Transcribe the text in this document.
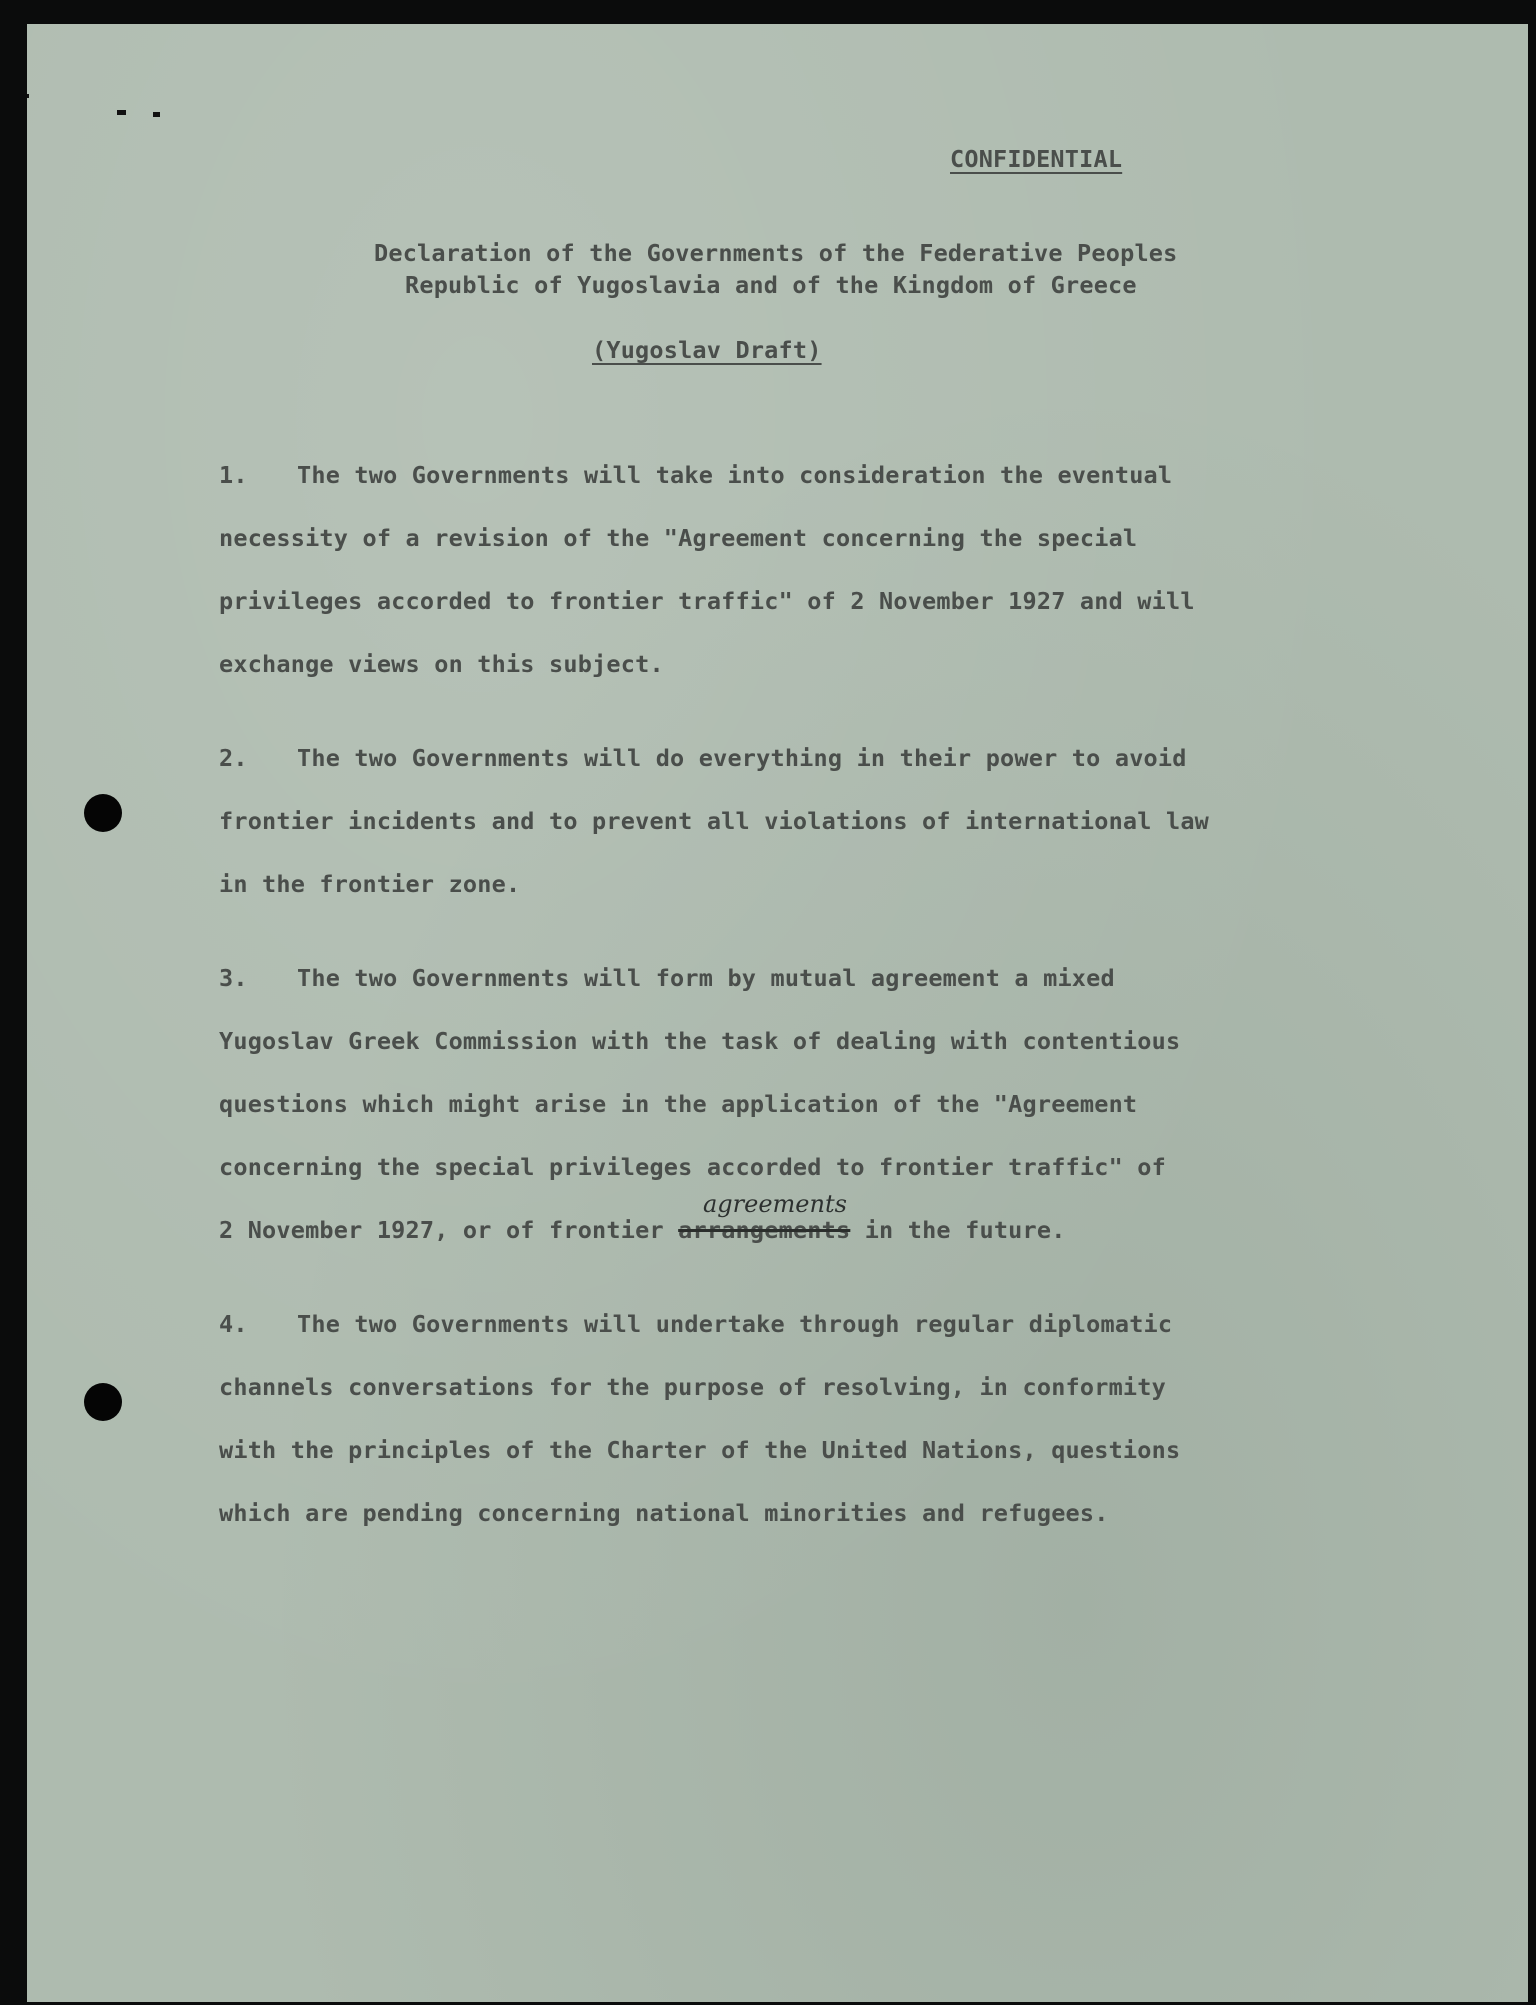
CONFIDENTIAL

Declaration of the Governments of the Federative Peoples

Republic of Yugoslavia and of the Kingdom of Greece

(Yugoslav Draft)

1. The two Governments will take into consideration the eventual

necessity of a revision of the "Agreement concerning the special

privileges accorded to frontier traffic" of 2 November 1927 and will

exchange views on this subject.

2. The two Governments will do everything in their power to avoid

frontier incidents and to prevent all violations of international law

in the frontier zone.

3. The two Governments will form by mutual agreement a mixed

Yugoslav Greek Commission with the task of dealing with contentious

questions which might arise in the application of the "Agreement

concerning the special privileges accorded to frontier traffic" of

2 November 1927, or of frontier arrangements in the future.

agreements

4. The two Governments will undertake through regular diplomatic

channels conversations for the purpose of resolving, in conformity

with the principles of the Charter of the United Nations, questions

which are pending concerning national minorities and refugees.
